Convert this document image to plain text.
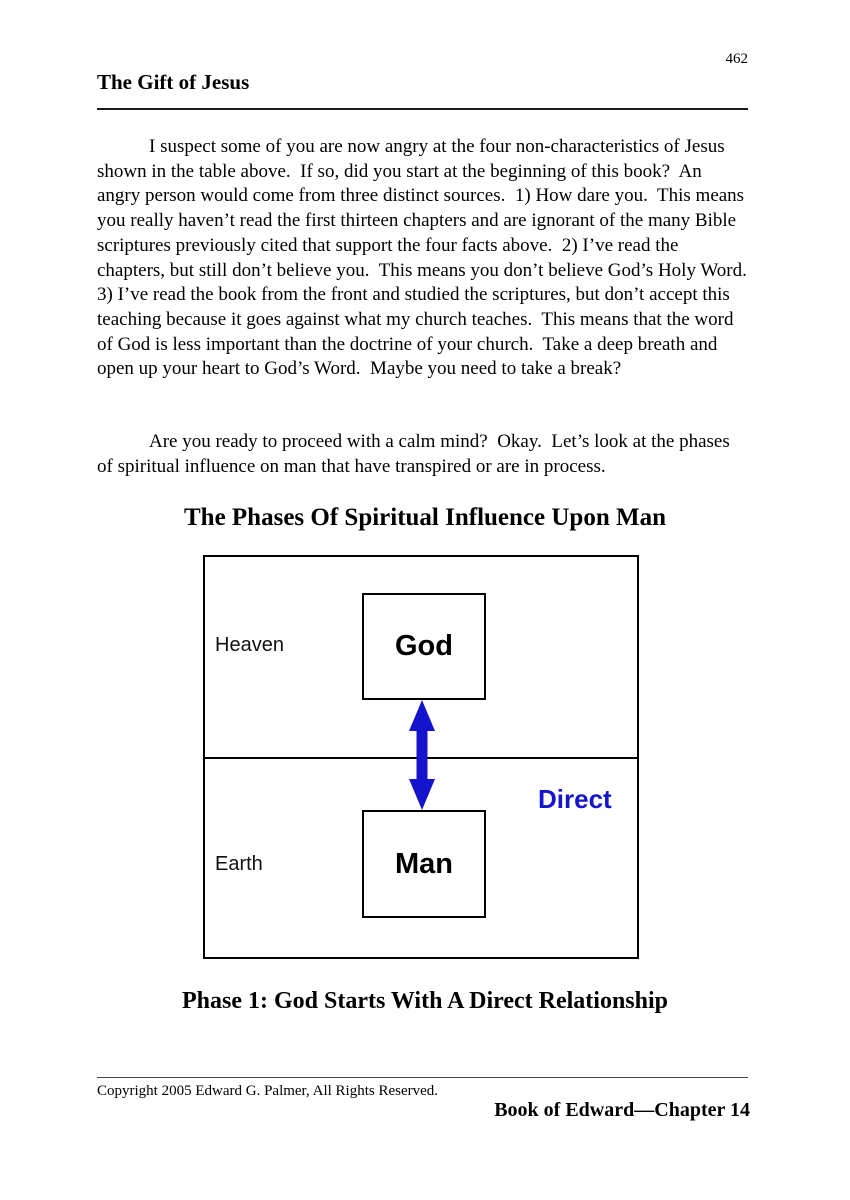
462
The Gift of Jesus
I suspect some of you are now angry at the four non-characteristics of Jesus shown in the table above.  If so, did you start at the beginning of this book?  An angry person would come from three distinct sources.  1) How dare you.  This means you really haven’t read the first thirteen chapters and are ignorant of the many Bible scriptures previously cited that support the four facts above.  2) I’ve read the chapters, but still don’t believe you.  This means you don’t believe God’s Holy Word.  3) I’ve read the book from the front and studied the scriptures, but don’t accept this teaching because it goes against what my church teaches.  This means that the word of God is less important than the doctrine of your church.  Take a deep breath and open up your heart to God’s Word.  Maybe you need to take a break?
Are you ready to proceed with a calm mind?  Okay.  Let’s look at the phases of spiritual influence on man that have transpired or are in process.
The Phases Of Spiritual Influence Upon Man
Heaven
Earth
God
Man
Direct
Phase 1: God Starts With A Direct Relationship
Copyright 2005 Edward G. Palmer, All Rights Reserved.
Book of Edward—Chapter 14
